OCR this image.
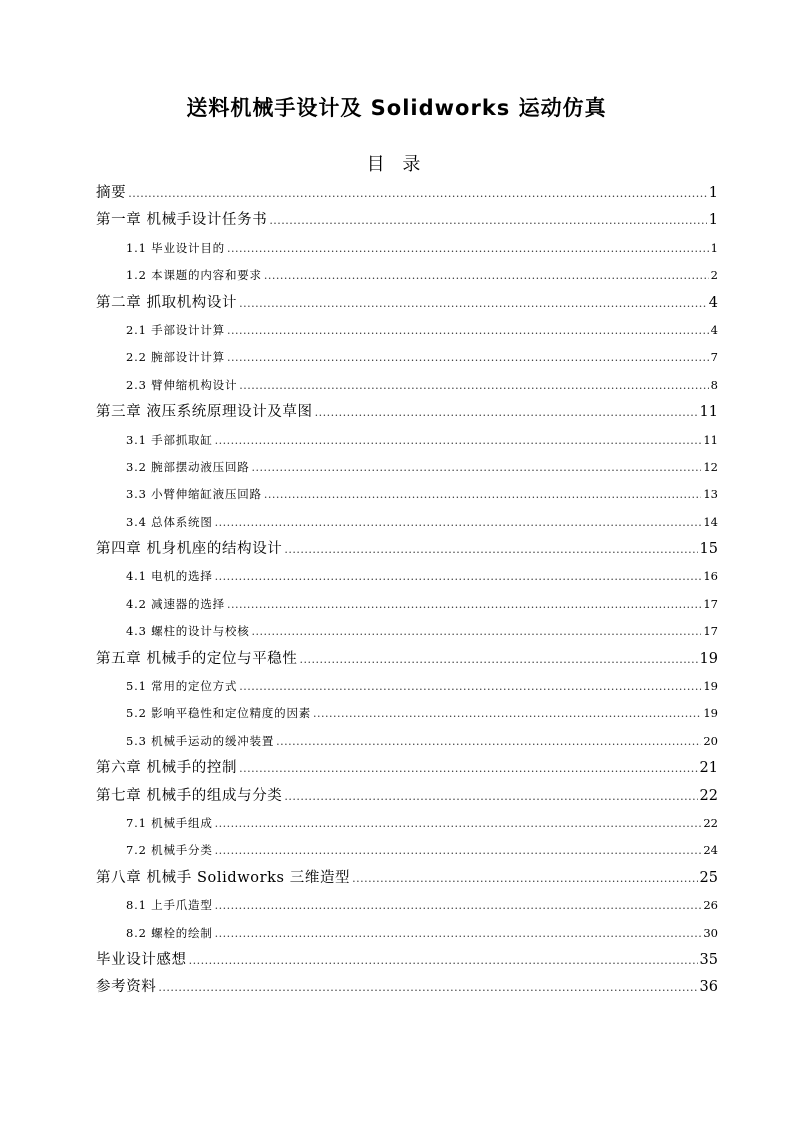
送料机械手设计及 Solidworks 运动仿真
目 录
摘要 .....	1
第一章 机械手设计任务书 .....	1
1.1 毕业设计目的 .....	1
1.2 本课题的内容和要求 .....	2
第二章 抓取机构设计 .....	4
2.1 手部设计计算 .....	4
2.2 腕部设计计算 .....	7
2.3 臂伸缩机构设计 .....	8
第三章 液压系统原理设计及草图 .....	11
3.1 手部抓取缸 .....	11
3.2 腕部摆动液压回路 .....	12
3.3 小臂伸缩缸液压回路 .....	13
3.4 总体系统图 .....	14
第四章 机身机座的结构设计 .....	15
4.1 电机的选择 .....	16
4.2 减速器的选择 .....	17
4.3 螺柱的设计与校核 .....	17
第五章 机械手的定位与平稳性 .....	19
5.1 常用的定位方式 .....	19
5.2 影响平稳性和定位精度的因素 .....	19
5.3 机械手运动的缓冲装置 .....	20
第六章 机械手的控制 .....	21
第七章 机械手的组成与分类 .....	22
7.1 机械手组成 .....	22
7.2 机械手分类 .....	24
第八章 机械手 Solidworks 三维造型 .....	25
8.1 上手爪造型 .....	26
8.2 螺栓的绘制 .....	30
毕业设计感想 .....	35
参考资料 .....	36
